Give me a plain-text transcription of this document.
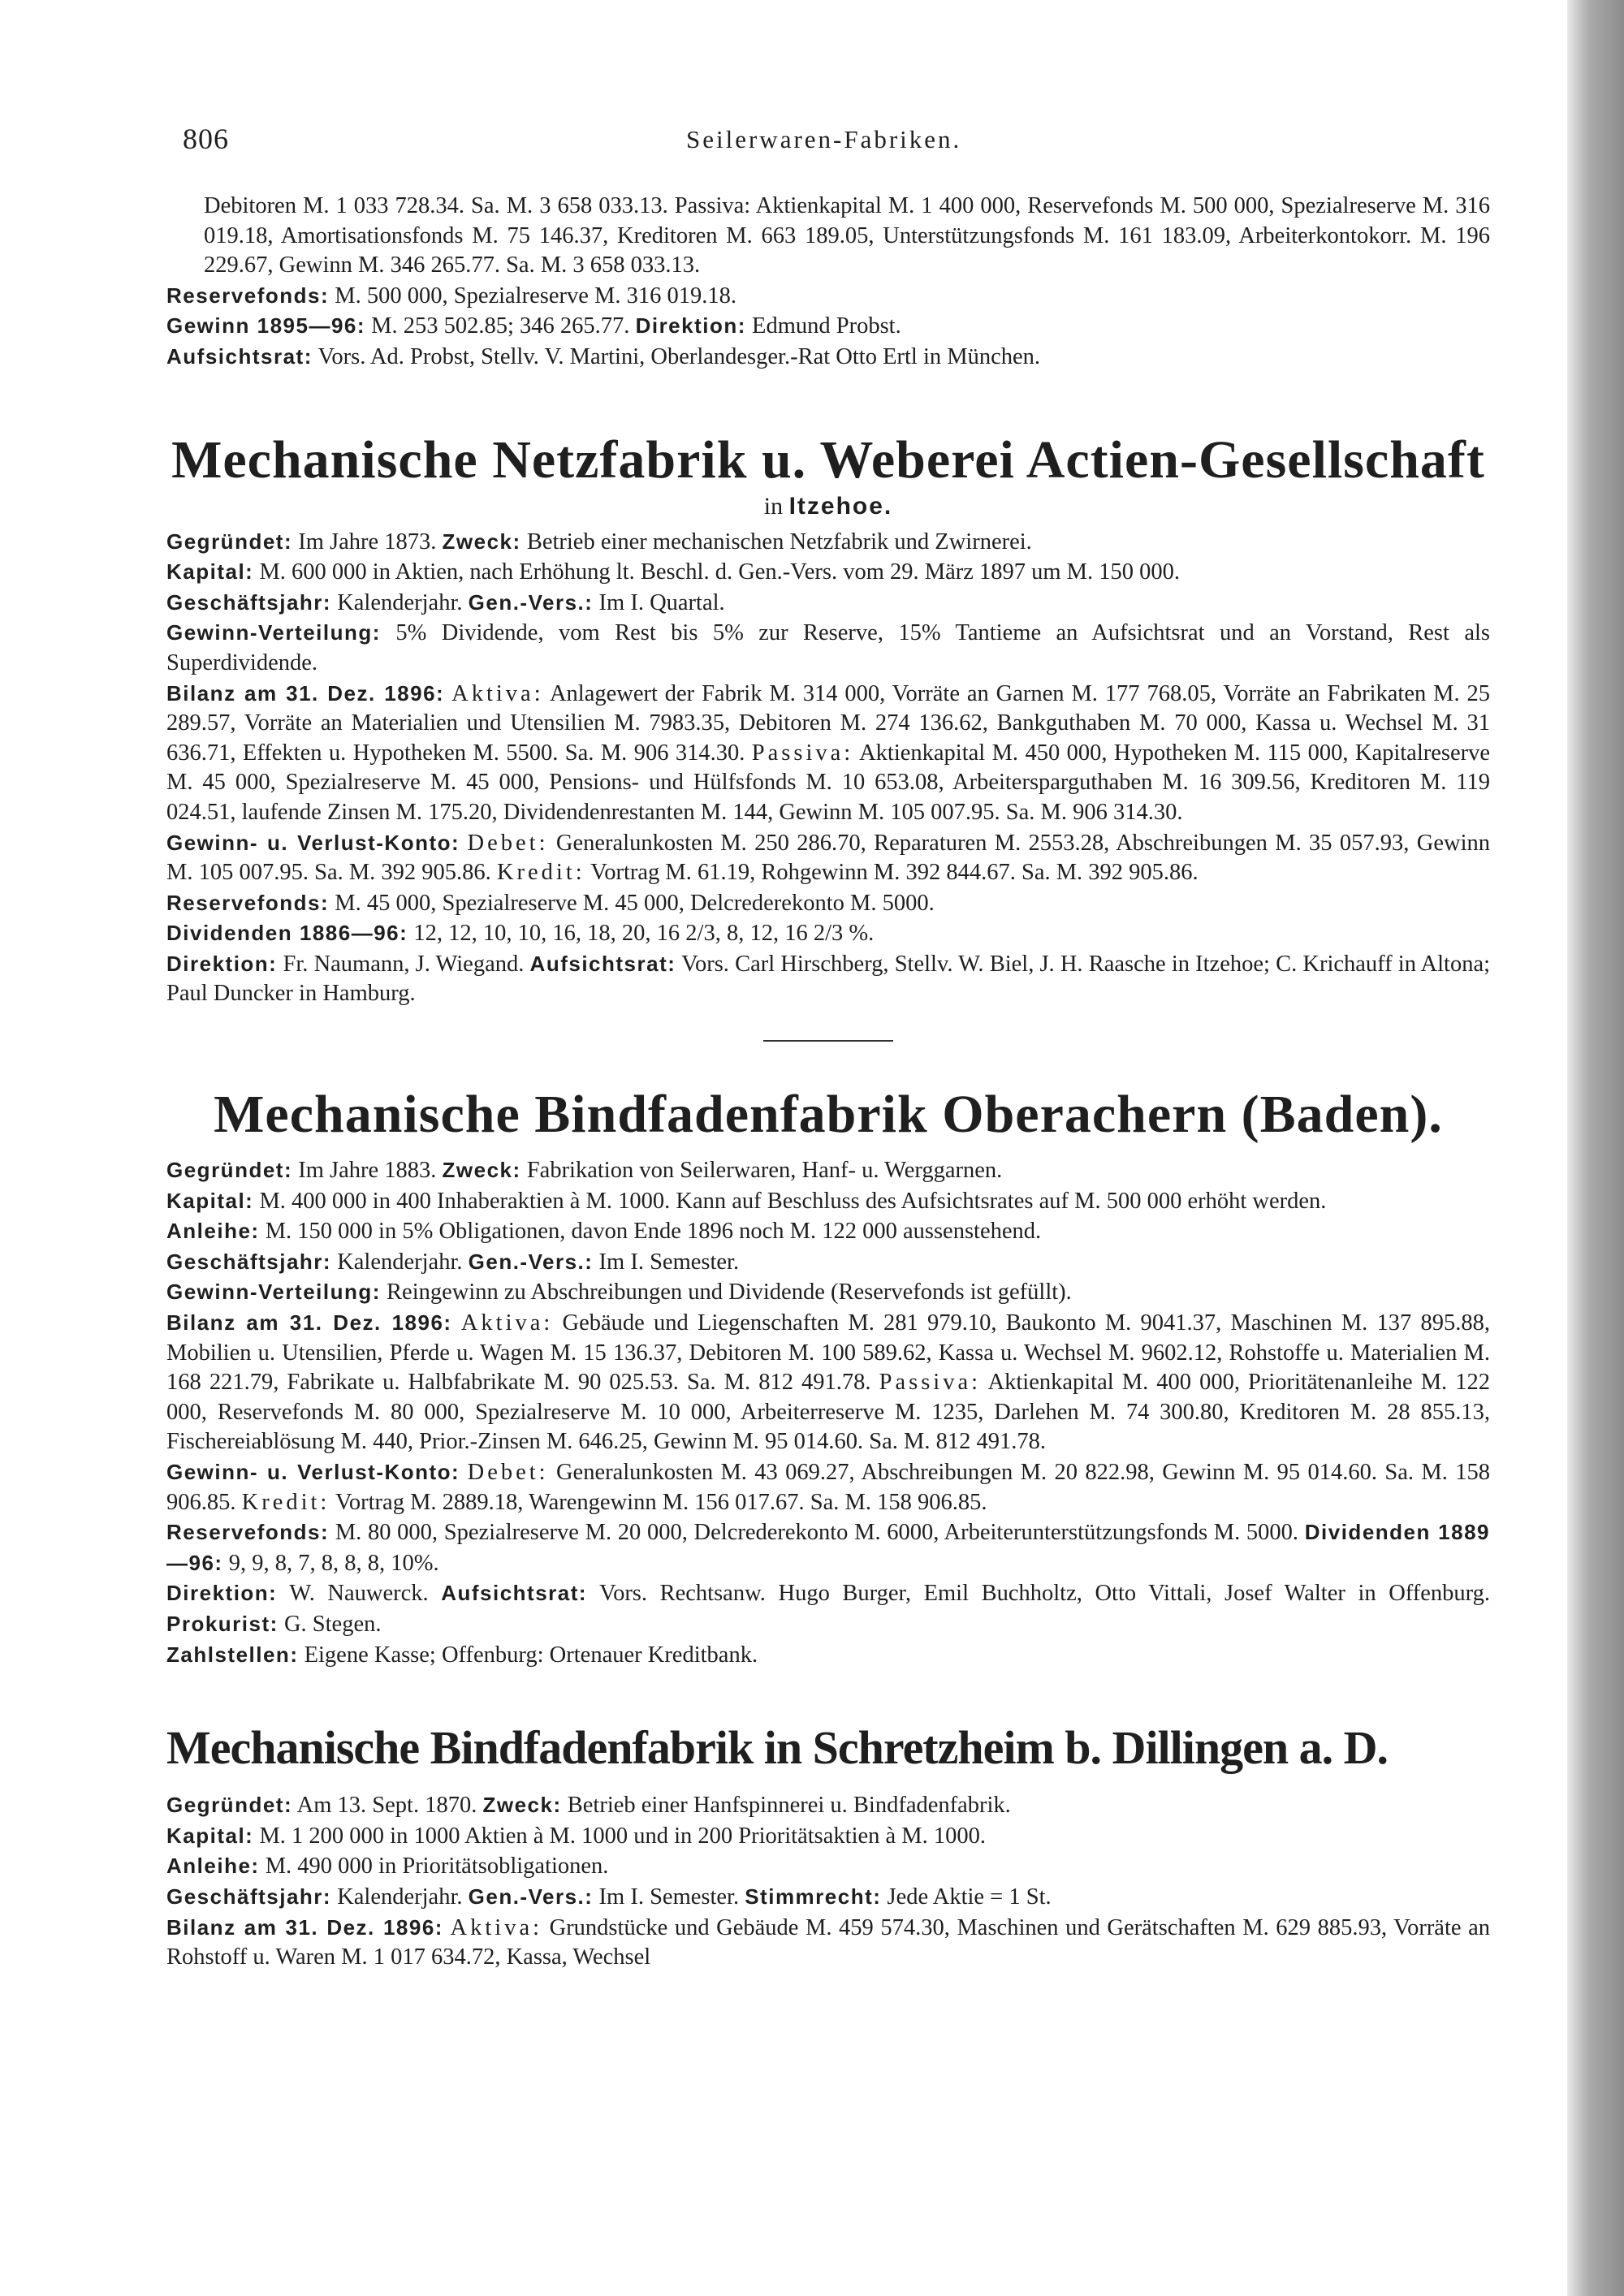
806	Seilerwaren-Fabriken.

Debitoren M. 1 033 728.34. Sa. M. 3 658 033.13. Passiva: Aktienkapital M. 1 400 000, Reservefonds M. 500 000, Spezialreserve M. 316 019.18, Amortisationsfonds M. 75 146.37, Kreditoren M. 663 189.05, Unterstützungsfonds M. 161 183.09, Arbeiterkontokorr. M. 196 229.67, Gewinn M. 346 265.77. Sa. M. 3 658 033.13.

Reservefonds: M. 500 000, Spezialreserve M. 316 019.18.

Gewinn 1895—96: M. 253 502.85; 346 265.77. Direktion: Edmund Probst.

Aufsichtsrat: Vors. Ad. Probst, Stellv. V. Martini, Oberlandesger.-Rat Otto Ertl in München.

Mechanische Netzfabrik u. Weberei Actien-Gesellschaft
in Itzehoe.

Gegründet: Im Jahre 1873. Zweck: Betrieb einer mechanischen Netzfabrik und Zwirnerei.

Kapital: M. 600 000 in Aktien, nach Erhöhung lt. Beschl. d. Gen.-Vers. vom 29. März 1897 um M. 150 000.

Geschäftsjahr: Kalenderjahr. Gen.-Vers.: Im I. Quartal.

Gewinn-Verteilung: 5% Dividende, vom Rest bis 5% zur Reserve, 15% Tantieme an Aufsichtsrat und an Vorstand, Rest als Superdividende.

Bilanz am 31. Dez. 1896: Aktiva: Anlagewert der Fabrik M. 314 000, Vorräte an Garnen M. 177 768.05, Vorräte an Fabrikaten M. 25 289.57, Vorräte an Materialien und Utensilien M. 7983.35, Debitoren M. 274 136.62, Bankguthaben M. 70 000, Kassa u. Wechsel M. 31 636.71, Effekten u. Hypotheken M. 5500. Sa. M. 906 314.30. Passiva: Aktienkapital M. 450 000, Hypotheken M. 115 000, Kapitalreserve M. 45 000, Spezialreserve M. 45 000, Pensions- und Hülfsfonds M. 10 653.08, Arbeitersparguthaben M. 16 309.56, Kreditoren M. 119 024.51, laufende Zinsen M. 175.20, Dividendenrestanten M. 144, Gewinn M. 105 007.95. Sa. M. 906 314.30.

Gewinn- u. Verlust-Konto: Debet: Generalunkosten M. 250 286.70, Reparaturen M. 2553.28, Abschreibungen M. 35 057.93, Gewinn M. 105 007.95. Sa. M. 392 905.86. Kredit: Vortrag M. 61.19, Rohgewinn M. 392 844.67. Sa. M. 392 905.86.

Reservefonds: M. 45 000, Spezialreserve M. 45 000, Delcrederekonto M. 5000.

Dividenden 1886—96: 12, 12, 10, 10, 16, 18, 20, 16 2/3, 8, 12, 16 2/3 %.

Direktion: Fr. Naumann, J. Wiegand. Aufsichtsrat: Vors. Carl Hirschberg, Stellv. W. Biel, J. H. Raasche in Itzehoe; C. Krichauff in Altona; Paul Duncker in Hamburg.

Mechanische Bindfadenfabrik Oberachern (Baden).

Gegründet: Im Jahre 1883. Zweck: Fabrikation von Seilerwaren, Hanf- u. Werggarnen.

Kapital: M. 400 000 in 400 Inhaberaktien à M. 1000. Kann auf Beschluss des Aufsichtsrates auf M. 500 000 erhöht werden.

Anleihe: M. 150 000 in 5% Obligationen, davon Ende 1896 noch M. 122 000 aussenstehend.

Geschäftsjahr: Kalenderjahr. Gen.-Vers.: Im I. Semester.

Gewinn-Verteilung: Reingewinn zu Abschreibungen und Dividende (Reservefonds ist gefüllt).

Bilanz am 31. Dez. 1896: Aktiva: Gebäude und Liegenschaften M. 281 979.10, Baukonto M. 9041.37, Maschinen M. 137 895.88, Mobilien u. Utensilien, Pferde u. Wagen M. 15 136.37, Debitoren M. 100 589.62, Kassa u. Wechsel M. 9602.12, Rohstoffe u. Materialien M. 168 221.79, Fabrikate u. Halbfabrikate M. 90 025.53. Sa. M. 812 491.78. Passiva: Aktienkapital M. 400 000, Prioritätenanleihe M. 122 000, Reservefonds M. 80 000, Spezialreserve M. 10 000, Arbeiterreserve M. 1235, Darlehen M. 74 300.80, Kreditoren M. 28 855.13, Fischereiablösung M. 440, Prior.-Zinsen M. 646.25, Gewinn M. 95 014.60. Sa. M. 812 491.78.

Gewinn- u. Verlust-Konto: Debet: Generalunkosten M. 43 069.27, Abschreibungen M. 20 822.98, Gewinn M. 95 014.60. Sa. M. 158 906.85. Kredit: Vortrag M. 2889.18, Warengewinn M. 156 017.67. Sa. M. 158 906.85.

Reservefonds: M. 80 000, Spezialreserve M. 20 000, Delcrederekonto M. 6000, Arbeiterunterstützungsfonds M. 5000. Dividenden 1889—96: 9, 9, 8, 7, 8, 8, 8, 10%.

Direktion: W. Nauwerck. Aufsichtsrat: Vors. Rechtsanw. Hugo Burger, Emil Buchholtz, Otto Vittali, Josef Walter in Offenburg. Prokurist: G. Stegen.

Zahlstellen: Eigene Kasse; Offenburg: Ortenauer Kreditbank.

Mechanische Bindfadenfabrik in Schretzheim b. Dillingen a. D.

Gegründet: Am 13. Sept. 1870. Zweck: Betrieb einer Hanfspinnerei u. Bindfadenfabrik.

Kapital: M. 1 200 000 in 1000 Aktien à M. 1000 und in 200 Prioritätsaktien à M. 1000.

Anleihe: M. 490 000 in Prioritätsobligationen.

Geschäftsjahr: Kalenderjahr. Gen.-Vers.: Im I. Semester. Stimmrecht: Jede Aktie = 1 St.

Bilanz am 31. Dez. 1896: Aktiva: Grundstücke und Gebäude M. 459 574.30, Maschinen und Gerätschaften M. 629 885.93, Vorräte an Rohstoff u. Waren M. 1 017 634.72, Kassa, Wechsel
